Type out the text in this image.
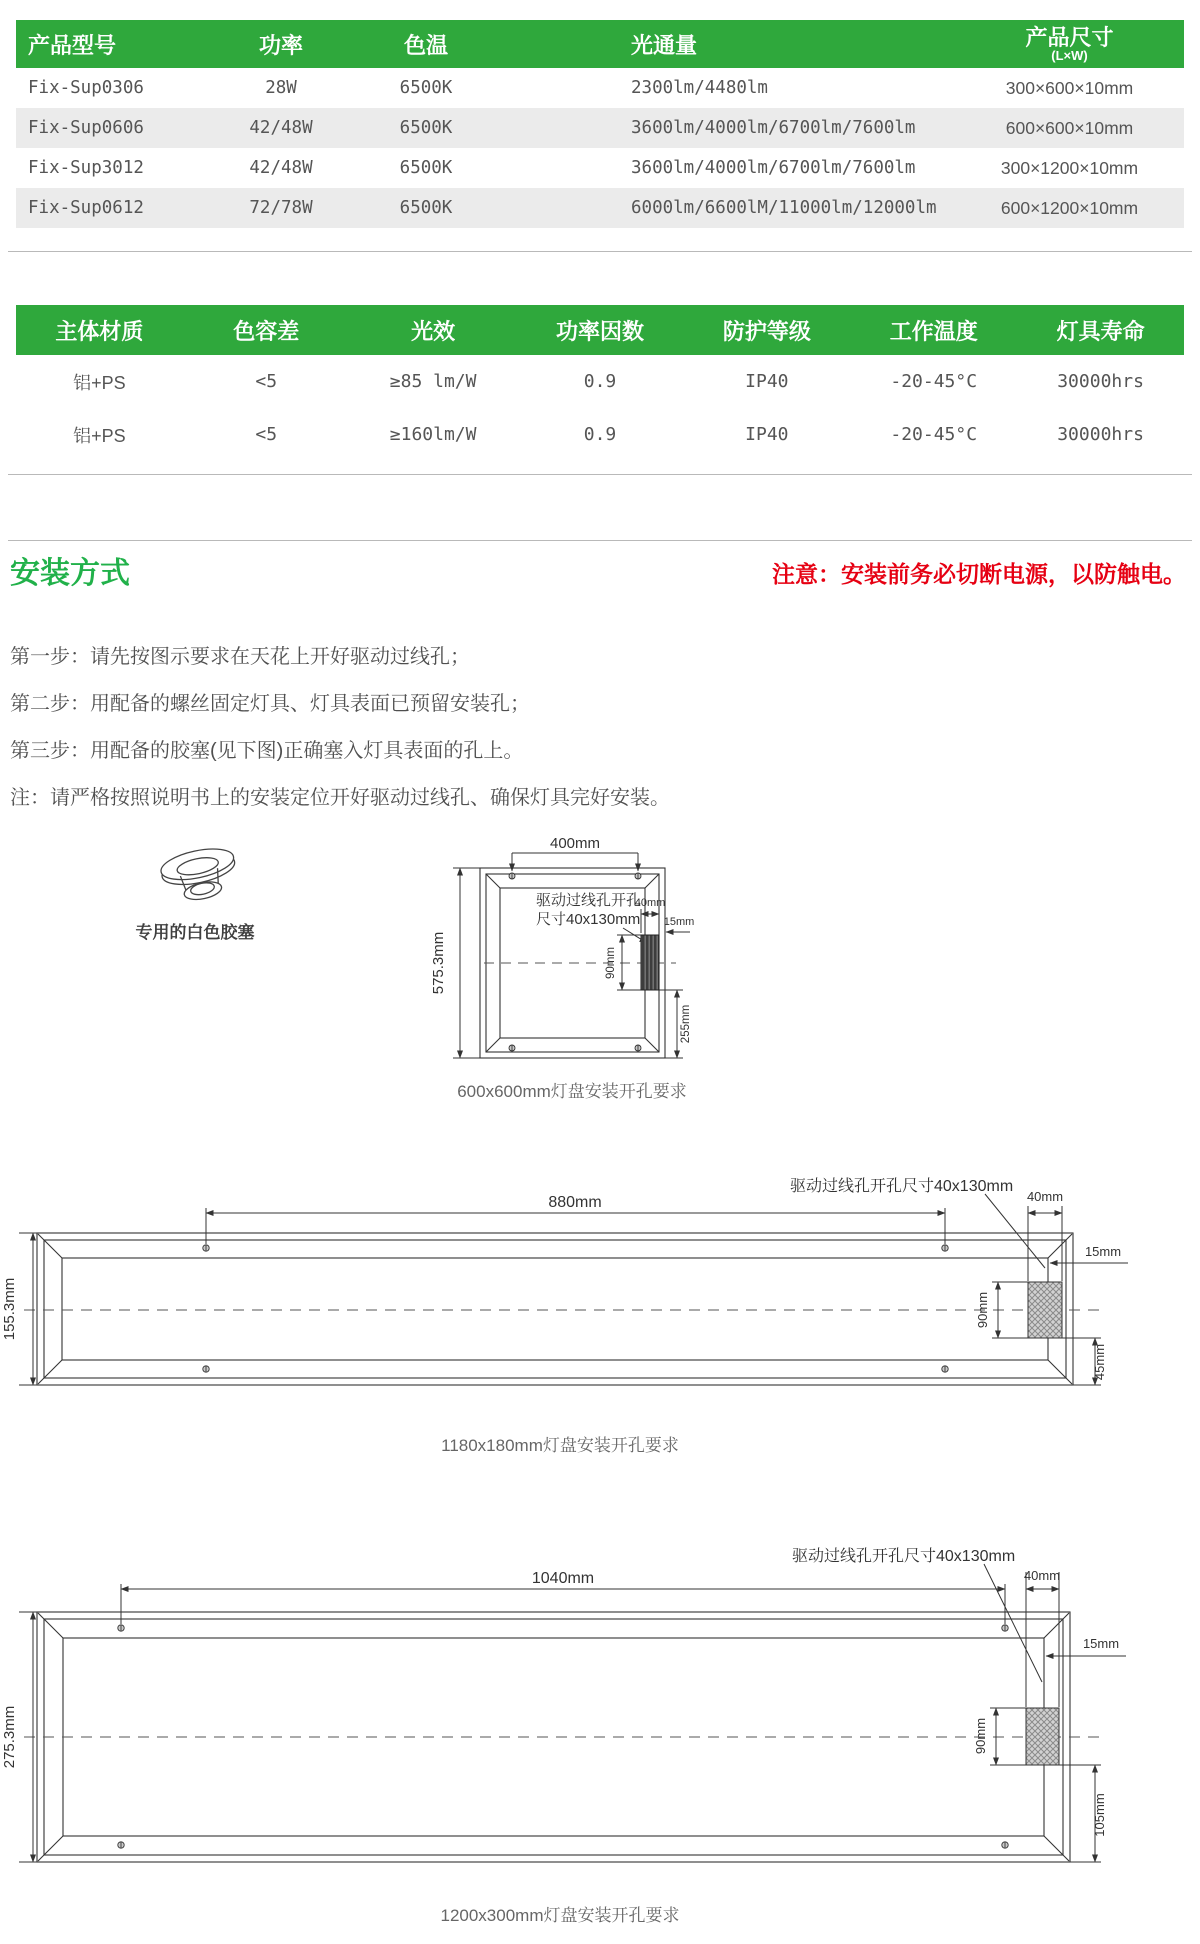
产品型号	功率	色温	光通量	产品尺寸
(L×W)
Fix-Sup0306	28W	6500K	2300lm/4480lm	300×600×10mm
Fix-Sup0606	42/48W	6500K	3600lm/4000lm/6700lm/7600lm	600×600×10mm
Fix-Sup3012	42/48W	6500K	3600lm/4000lm/6700lm/7600lm	300×1200×10mm
Fix-Sup0612	72/78W	6500K	6000lm/6600lM/11000lm/12000lm	600×1200×10mm
主体材质	色容差	光效	功率因数	防护等级	工作温度	灯具寿命
铝+PS	<5	≥85 lm/W	0.9	IP40	-20-45°C	30000hrs
铝+PS	<5	≥160lm/W	0.9	IP40	-20-45°C	30000hrs
安装方式	注意：安装前务必切断电源，以防触电。
第一步：请先按图示要求在天花上开好驱动过线孔；
第二步：用配备的螺丝固定灯具、灯具表面已预留安装孔；
第三步：用配备的胶塞(见下图)正确塞入灯具表面的孔上。
注：请严格按照说明书上的安装定位开好驱动过线孔、确保灯具完好安装。
专用的白色胶塞
400mm
575.3mm
驱动过线孔开孔
尺寸40x130mm
40mm
15mm
90mm
255mm
600x600mm灯盘安装开孔要求
驱动过线孔开孔尺寸40x130mm
880mm	40mm
15mm
90mm
45mm
155.3mm
1180x180mm灯盘安装开孔要求
驱动过线孔开孔尺寸40x130mm
1040mm	40mm
15mm
90mm
105mm
275.3mm
1200x300mm灯盘安装开孔要求
